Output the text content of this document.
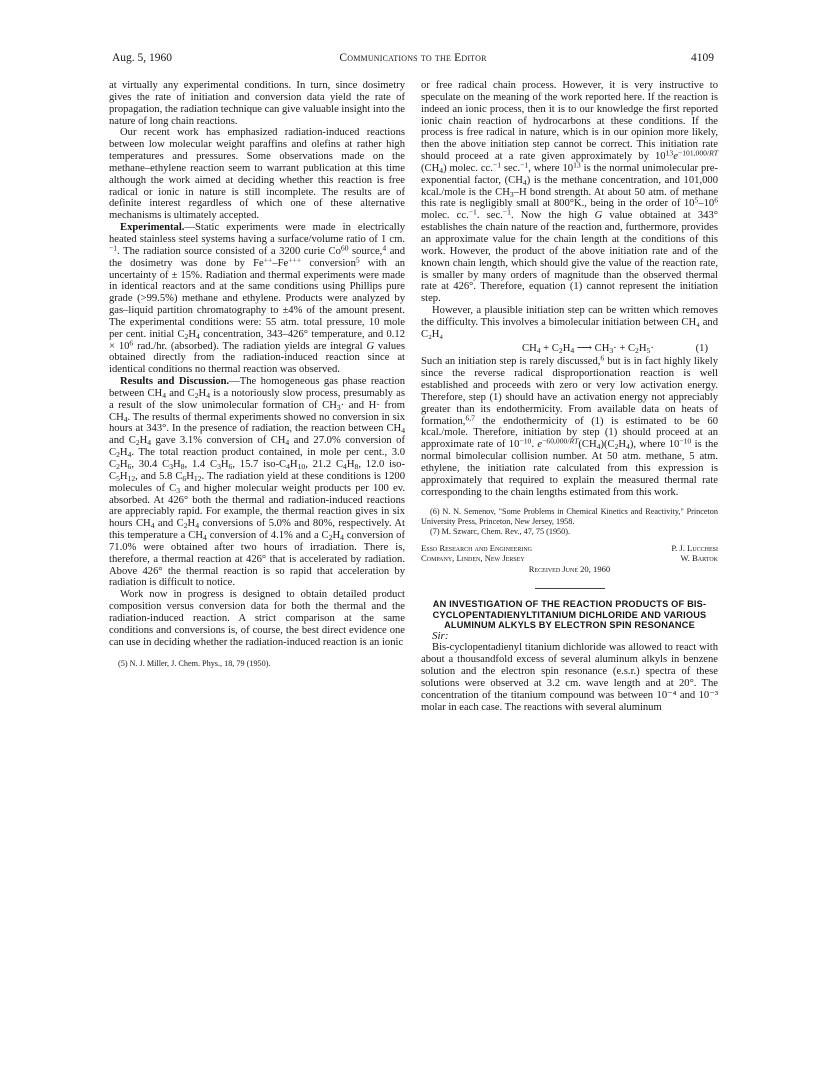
Aug. 5, 1960	Communications to the Editor	4109

at virtually any experimental conditions. In turn, since dosimetry gives the rate of initiation and conversion data yield the rate of propagation, the radiation technique can give valuable insight into the nature of long chain reactions.

Our recent work has emphasized radiation-induced reactions between low molecular weight paraffins and olefins at rather high temperatures and pressures. Some observations made on the methane–ethylene reaction seem to warrant publication at this time although the work aimed at deciding whether this reaction is free radical or ionic in nature is still incomplete. The results are of definite interest regardless of which one of these alternative mechanisms is ultimately accepted.

Experimental.—Static experiments were made in electrically heated stainless steel systems having a surface/volume ratio of 1 cm.$^{-1}$. The radiation source consisted of a 3200 curie Co$^{60}$ source,$^4$ and the dosimetry was done by Fe++–Fe+++ conversion$^5$ with an uncertainty of ± 15%. Radiation and thermal experiments were made in identical reactors and at the same conditions using Phillips pure grade (>99.5%) methane and ethylene. Products were analyzed by gas–liquid partition chromatography to ±4% of the amount present. The experimental conditions were: 55 atm. total pressure, 10 mole per cent. initial $C_2H_4$ concentration, 343–426° temperature, and $0.12 \times 10^6$ rad./hr. (absorbed). The radiation yields are integral G values obtained directly from the radiation-induced reaction since at identical conditions no thermal reaction was observed.

Results and Discussion.—The homogeneous gas phase reaction between $CH_4$ and $C_2H_4$ is a notoriously slow process, presumably as a result of the slow unimolecular formation of $CH_3\cdot$ and H· from $CH_4$. The results of thermal experiments showed no conversion in six hours at 343°. In the presence of radiation, the reaction between $CH_4$ and $C_2H_4$ gave 3.1% conversion of $CH_4$ and 27.0% conversion of $C_2H_4$. The total reaction product contained, in mole per cent., 3.0 $C_2H_6$, 30.4 $C_3H_8$, 1.4 $C_3H_6$, 15.7 iso-$C_4H_{10}$, 21.2 $C_4H_8$, 12.0 iso-$C_5H_{12}$, and 5.8 $C_6H_{12}$. The radiation yield at these conditions is 1200 molecules of $C_3$ and higher molecular weight products per 100 ev. absorbed. At 426° both the thermal and radiation-induced reactions are appreciably rapid. For example, the thermal reaction gives in six hours $CH_4$ and $C_2H_4$ conversions of 5.0% and 80%, respectively. At this temperature a $CH_4$ conversion of 4.1% and a $C_2H_4$ conversion of 71.0% were obtained after two hours of irradiation. There is, therefore, a thermal reaction at 426° that is accelerated by radiation. Above 426° the thermal reaction is so rapid that acceleration by radiation is difficult to notice.

Work now in progress is designed to obtain detailed product composition versus conversion data for both the thermal and the radiation-induced reaction. A strict comparison at the same conditions and conversions is, of course, the best direct evidence one can use in deciding whether the radiation-induced reaction is an ionic

(5) N. J. Miller, J. Chem. Phys., 18, 79 (1950).

or free radical chain process. However, it is very instructive to speculate on the meaning of the work reported here. If the reaction is indeed an ionic process, then it is to our knowledge the first reported ionic chain reaction of hydrocarbons at these conditions. If the process is free radical in nature, which is in our opinion more likely, then the above initiation step cannot be correct. This initiation rate should proceed at a rate given approximately by $10^{13}e^{-101,000/RT}$ $(CH_4)$ molec. cc.$^{-1}$ sec.$^{-1}$, where $10^{13}$ is the normal unimolecular pre-exponential factor, $(CH_4)$ is the methane concentration, and 101,000 kcal./mole is the $CH_3-H$ bond strength. At about 50 atm. of methane this rate is negligibly small at 800°K., being in the order of $10^5-10^6$ molec. cc.$^{-1}$. sec.$^{-1}$. Now the high G value obtained at 343° establishes the chain nature of the reaction and, furthermore, provides an approximate value for the chain length at the conditions of this work. However, the product of the above initiation rate and of the known chain length, which should give the value of the reaction rate, is smaller by many orders of magnitude than the observed thermal rate at 426°. Therefore, equation (1) cannot represent the initiation step.

However, a plausible initiation step can be written which removes the difficulty. This involves a bimolecular initiation between CH₄ and C₂H₄

$CH_4 + C_2H_4$ ⟶ $CH_3\cdot + C_2H_5\cdot$	(1)

Such an initiation step is rarely discussed,$^6$ but is in fact highly likely since the reverse radical disproportionation reaction is well established and proceeds with zero or very low activation energy. Therefore, step (1) should have an activation energy not appreciably greater than its endothermicity. From available data on heats of formation,$^{6,7}$ the endothermicity of (1) is estimated to be 60 kcal./mole. Therefore, initiation by step (1) should proceed at an approximate rate of $10^{-10}$. $e^{-60,000/RT}(CH_4)(C_2H_4)$, where $10^{-10}$ is the normal bimolecular collision number. At 50 atm. methane, 5 atm. ethylene, the initiation rate calculated from this expression is approximately that required to explain the measured thermal rate corresponding to the chain lengths estimated from this work.

(6) N. N. Semenov, "Some Problems in Chemical Kinetics and Reactivity," Princeton University Press, Princeton, New Jersey, 1958.
(7) M. Szwarc, Chem. Rev., 47, 75 (1950).
Esso Research and Engineering	P. J. Lucchesi
Company, Linden, New Jersey	W. Bartok
Received June 20, 1960
AN INVESTIGATION OF THE REACTION PRODUCTS OF BIS-CYCLOPENTADIENYLTITANIUM DICHLORIDE AND VARIOUS ALUMINUM ALKYLS BY ELECTRON SPIN RESONANCE

Sir:

Bis-cyclopentadienyl titanium dichloride was allowed to react with about a thousandfold excess of several aluminum alkyls in benzene solution and the electron spin resonance (e.s.r.) spectra of these solutions were observed at 3.2 cm. wave length and at 20°. The concentration of the titanium compound was between 10⁻⁴ and 10⁻³ molar in each case. The reactions with several aluminum
